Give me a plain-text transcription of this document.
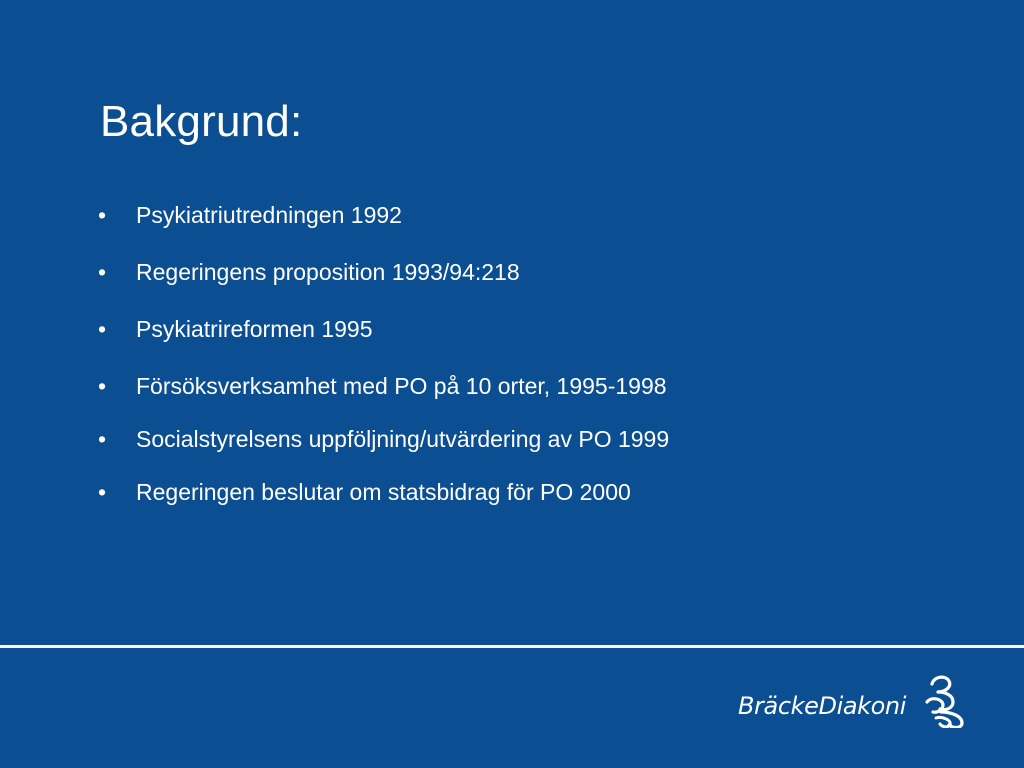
Bakgrund:
• Psykiatriutredningen 1992
• Regeringens proposition 1993/94:218
• Psykiatrireformen 1995
• Försöksverksamhet med PO på 10 orter, 1995-1998
• Socialstyrelsens uppföljning/utvärdering av PO 1999
• Regeringen beslutar om statsbidrag för PO 2000
BräckeDiakoni
